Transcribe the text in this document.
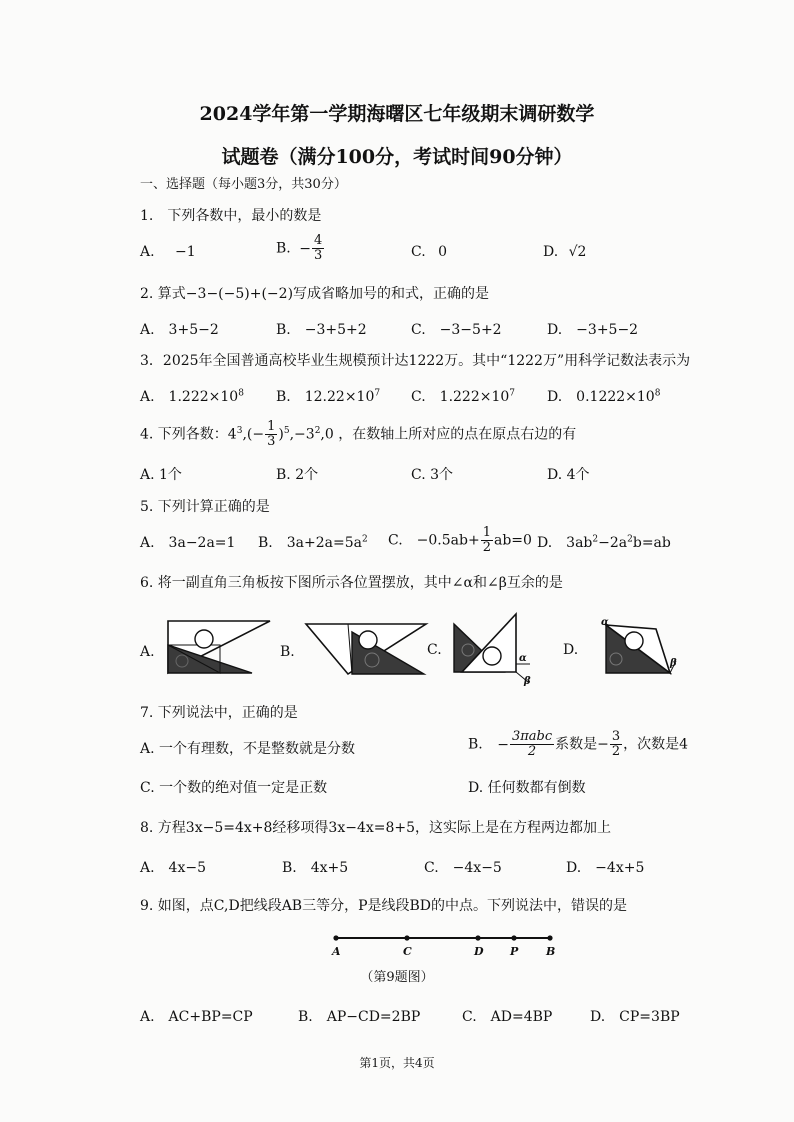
2024学年第一学期海曙区七年级期末调研数学
试题卷（满分100分，考试时间90分钟）
一、选择题（每小题3分，共30分）
1.　下列各数中，最小的数是
A. −1	B. − $\frac{4}{3}$	C. 0	D. √2
2. 算式−3−(−5)+(−2)写成省略加号的和式，正确的是
A.　3+5−2	B.　−3+5+2	C.　−3−5+2	D.　−3+5−2
3．2025年全国普通高校毕业生规模预计达1222万。其中“1222万”用科学记数法表示为
A.　$1.222\times 10^8$ B.　$12.22\times 10^7$ C.　$1.222\times 10^7$ D.　$0.1222\times 10^8$
4. 下列各数：$4^3,(- \frac{1}{3} )^5,-3^2,0$ ，在数轴上所对应的点在原点右边的有
A. 1个	B. 2个	C. 3个	D. 4个
5. 下列计算正确的是
A.　3a−2a=1 B.　$3a+2a=5a^2$ C.　$-0.5ab+ \frac{1}{2} ab=0$ D.　$3ab^2-2a^2b=ab$
6. 将一副直角三角板按下图所示各位置摆放，其中∠α和∠β互余的是
A.	B.	C.	D.
α
β
α
β
7. 下列说法中，正确的是
A. 一个有理数，不是整数就是分数	B. − $\frac{\text{3πabc}}{2}$ 系数是− $\frac{3}{2}$ ，次数是4
C. 一个数的绝对值一定是正数	D. 任何数都有倒数
8. 方程3x−5=4x+8经移项得3x−4x=8+5，这实际上是在方程两边都加上
A.　4x−5	B.　4x+5	C.　−4x−5	D.　−4x+5
9. 如图，点C,D把线段AB三等分，P是线段BD的中点。下列说法中，错误的是
A	C	D P	B
（第9题图）
A.　AC+BP=CP	B.　AP−CD=2BP	C.　AD=4BP	D.　CP=3BP
第1页，共4页
